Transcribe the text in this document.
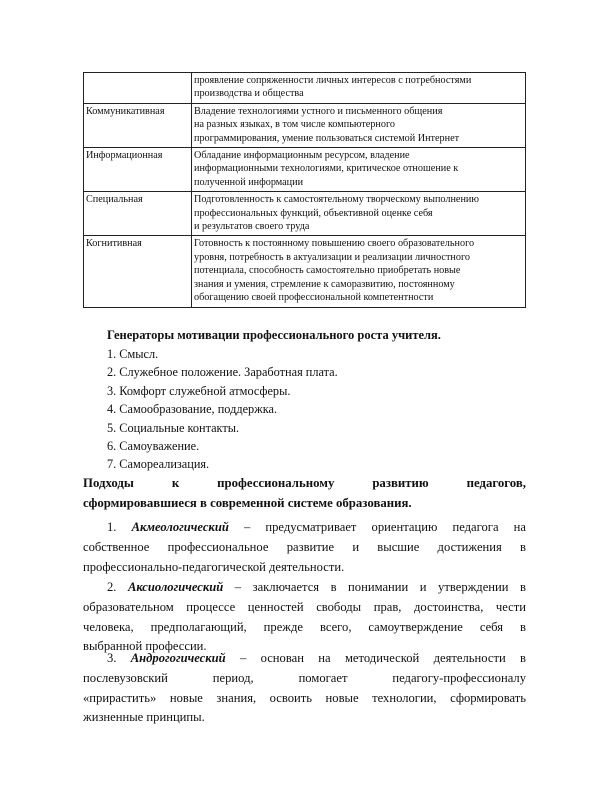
	проявление сопряженности личных интересов с потребностями
производства и общества

Коммуникативная	Владение технологиями устного и письменного общения
на разных языках, в том числе компьютерного
программирования, умение пользоваться системой Интернет

Информационная	Обладание информационным ресурсом, владение
информационными технологиями, критическое отношение к
полученной информации

Специальная	Подготовленность к самостоятельному творческому выполнению
профессиональных функций, объективной оценке себя
и результатов своего труда

Когнитивная	Готовность к постоянному повышению своего образовательного
уровня, потребность в актуализации и реализации личностного
потенциала, способность самостоятельно приобретать новые
знания и умения, стремление к саморазвитию, постоянному
обогащению своей профессиональной компетентности
Генераторы мотивации профессионального роста учителя.
1. Смысл.
2. Служебное положение. Заработная плата.
3. Комфорт служебной атмосферы.
4. Самообразование, поддержка.
5. Социальные контакты.
6. Самоуважение.
7. Самореализация.
Подходы к профессиональному развитию педагогов,
сформировавшиеся в современной системе образования.
1. Акмеологический – предусматривает ориентацию педагога на
собственное профессиональное развитие и высшие достижения в
профессионально-педагогической деятельности.
2. Аксиологический – заключается в понимании и утверждении в
образовательном процессе ценностей свободы прав, достоинства, чести
человека, предполагающий, прежде всего, самоутверждение себя в
выбранной профессии.
3. Андрогогический – основан на методической деятельности в
послевузовский период, помогает педагогу-профессионалу
«прирастить» новые знания, освоить новые технологии, сформировать
жизненные принципы.
